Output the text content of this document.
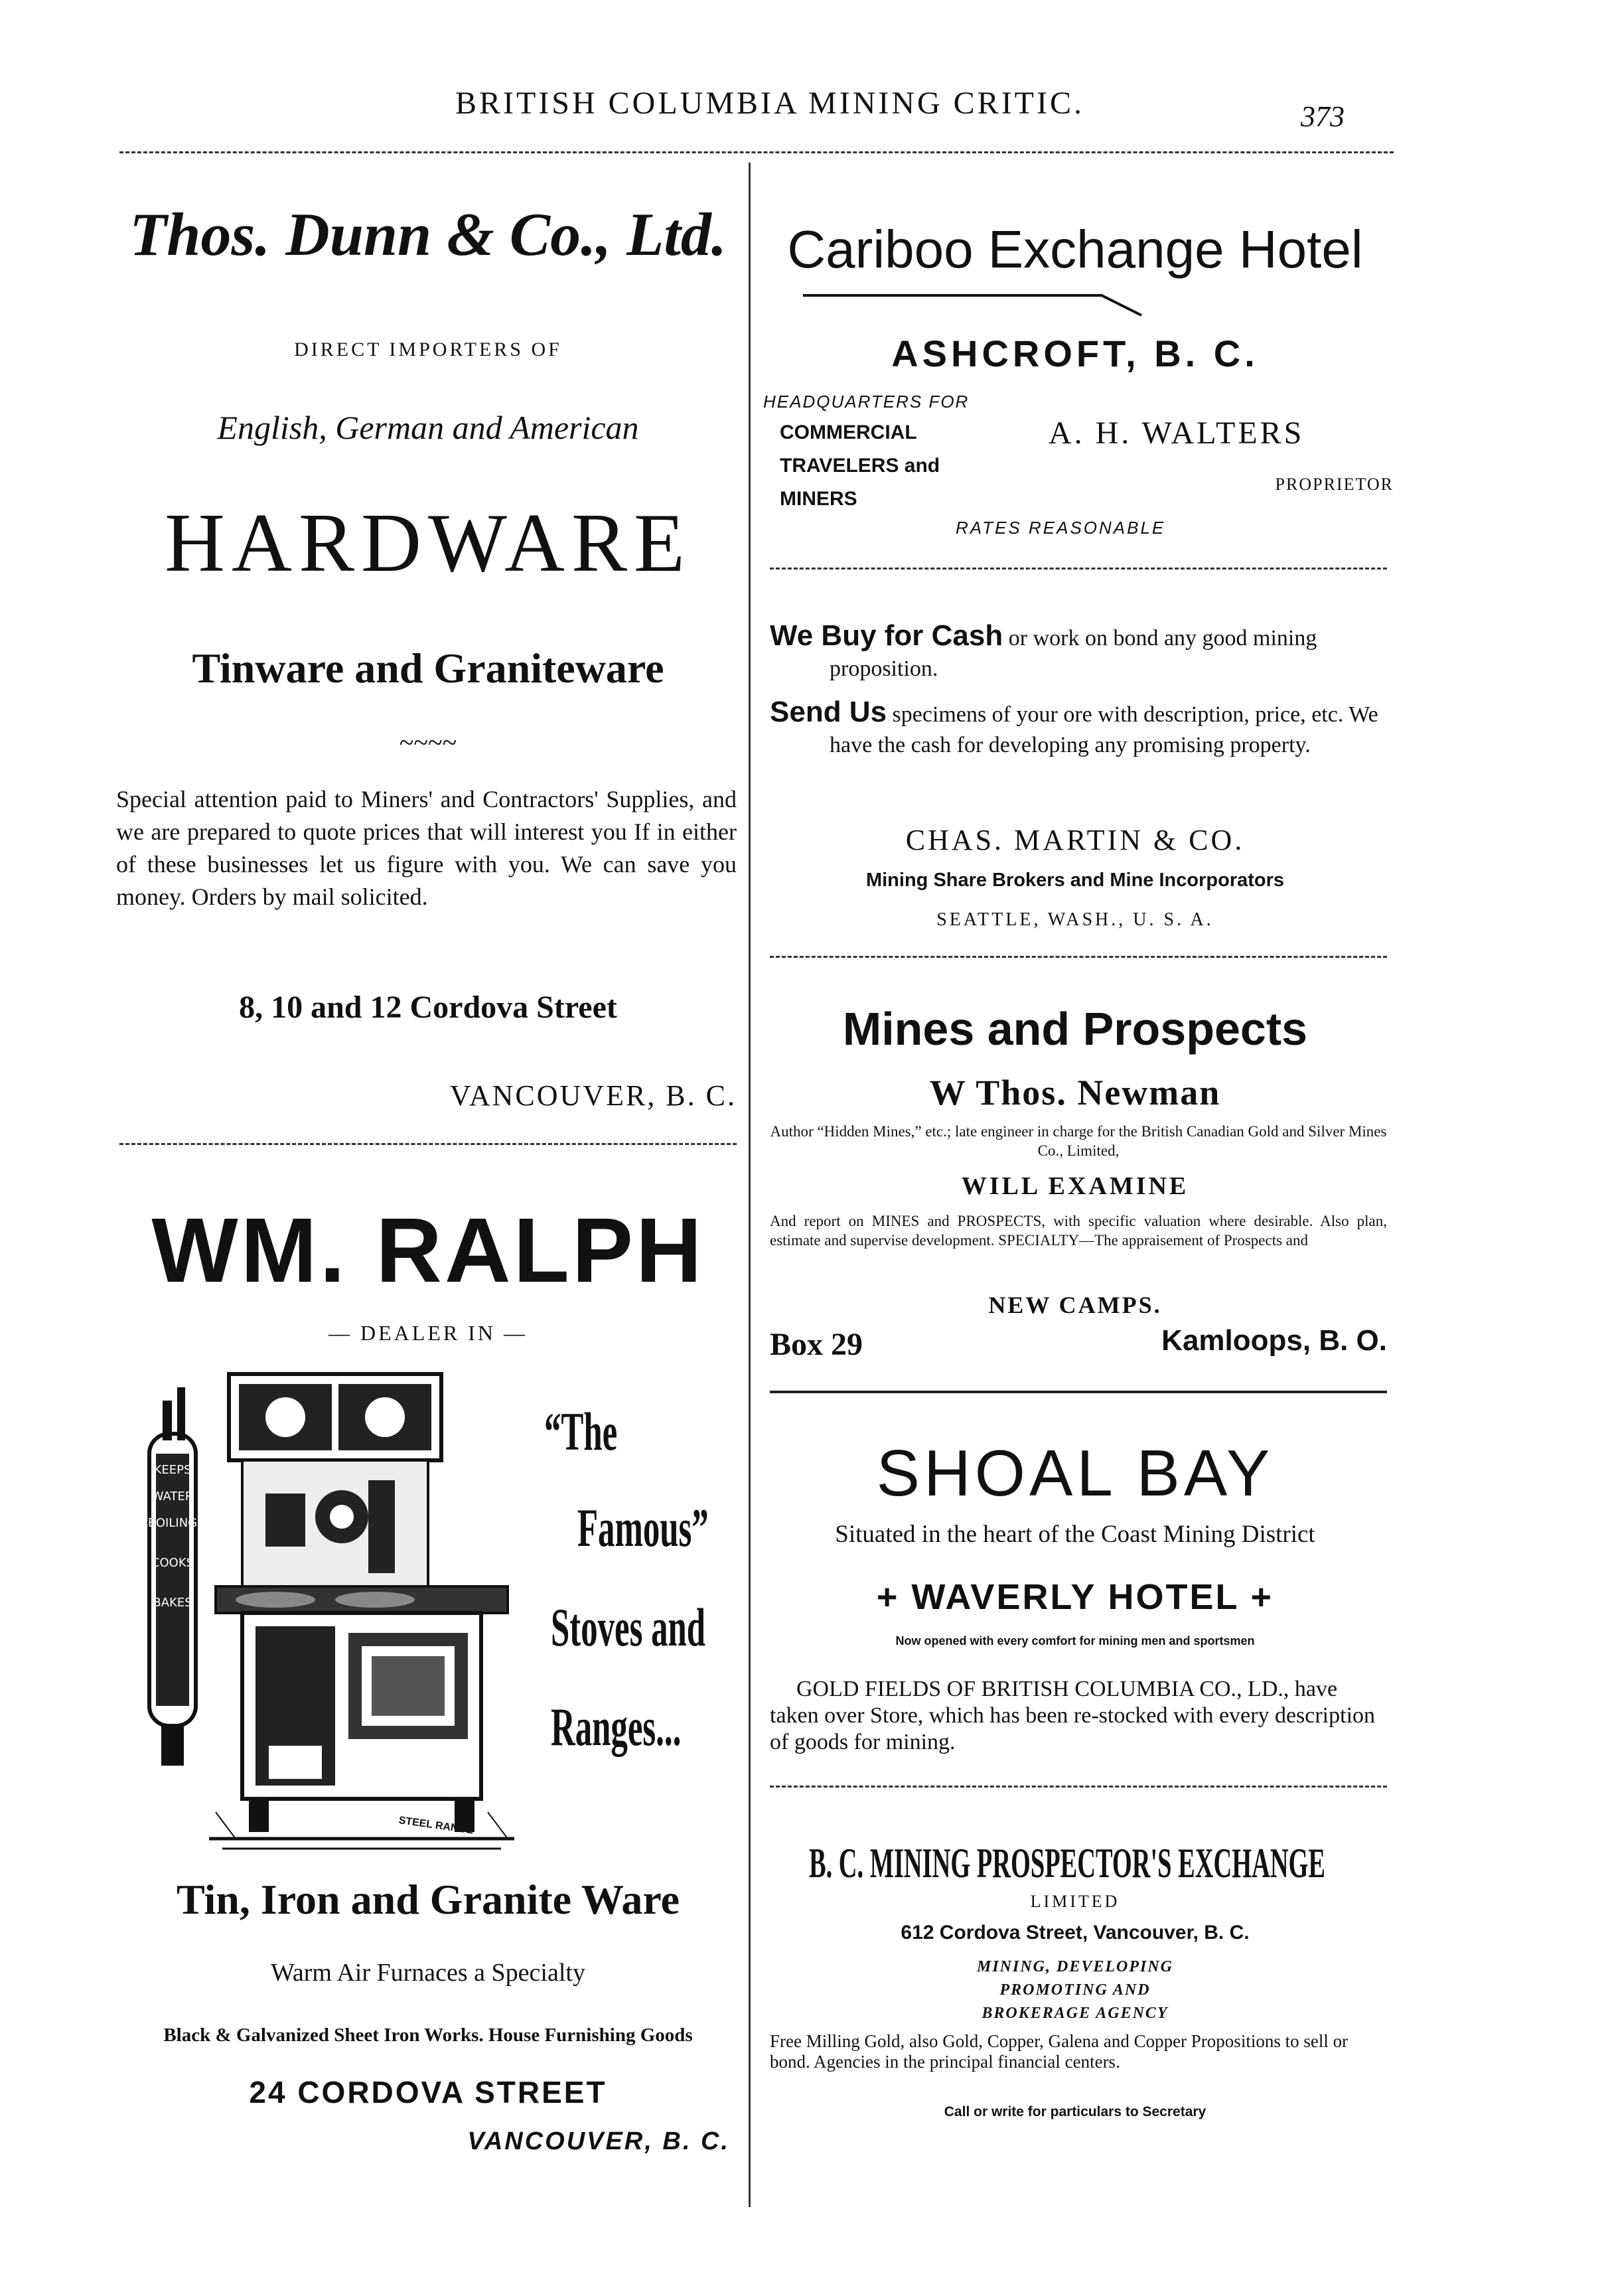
BRITISH COLUMBIA MINING CRITIC.	373
Thos. Dunn & Co., Ltd.
DIRECT IMPORTERS OF
English, German and American
HARDWARE
Tinware and Graniteware
~~~~
Special attention paid to Miners' and Contractors' Supplies, and we are prepared to quote prices that will interest you If in either of these businesses let us figure with you. We can save you money. Orders by mail solicited.
8, 10 and 12 Cordova Street
VANCOUVER, B. C.
WM. RALPH
— DEALER IN —
KEEPS
WATER
BOILING
COOKS
BAKES
STEEL RANGE
“The
Famous”
Stoves and
Ranges...
Tin, Iron and Granite Ware
Warm Air Furnaces a Specialty
Black & Galvanized Sheet Iron Works. House Furnishing Goods
24 CORDOVA STREET
VANCOUVER, B. C.
Cariboo Exchange Hotel
ASHCROFT, B. C.
HEADQUARTERS FOR
COMMERCIAL
TRAVELERS and
MINERS
A. H. WALTERS
PROPRIETOR
RATES REASONABLE
We Buy for Cash or work on bond any good mining proposition.
Send Us specimens of your ore with description, price, etc. We have the cash for developing any promising property.
CHAS. MARTIN & CO.
Mining Share Brokers and Mine Incorporators
SEATTLE, WASH., U. S. A.
Mines and Prospects
W Thos. Newman
Author “Hidden Mines,” etc.; late engineer in charge for the British Canadian Gold and Silver Mines Co., Limited,
WILL EXAMINE
And report on MINES and PROSPECTS, with specific valuation where desirable. Also plan, estimate and supervise development. SPECIALTY—The appraisement of Prospects and
NEW CAMPS.
Box 29	Kamloops, B. O.
SHOAL BAY
Situated in the heart of the Coast Mining District
+ WAVERLY HOTEL +
Now opened with every comfort for mining men and sportsmen
GOLD FIELDS OF BRITISH COLUMBIA CO., LD., have taken over Store, which has been re-stocked with every description of goods for mining.
B. C. MINING PROSPECTOR'S EXCHANGE
LIMITED
612 Cordova Street, Vancouver, B. C.
MINING, DEVELOPING
PROMOTING AND
BROKERAGE AGENCY
Free Milling Gold, also Gold, Copper, Galena and Copper Propositions to sell or bond. Agencies in the principal financial centers.
Call or write for particulars to Secretary
